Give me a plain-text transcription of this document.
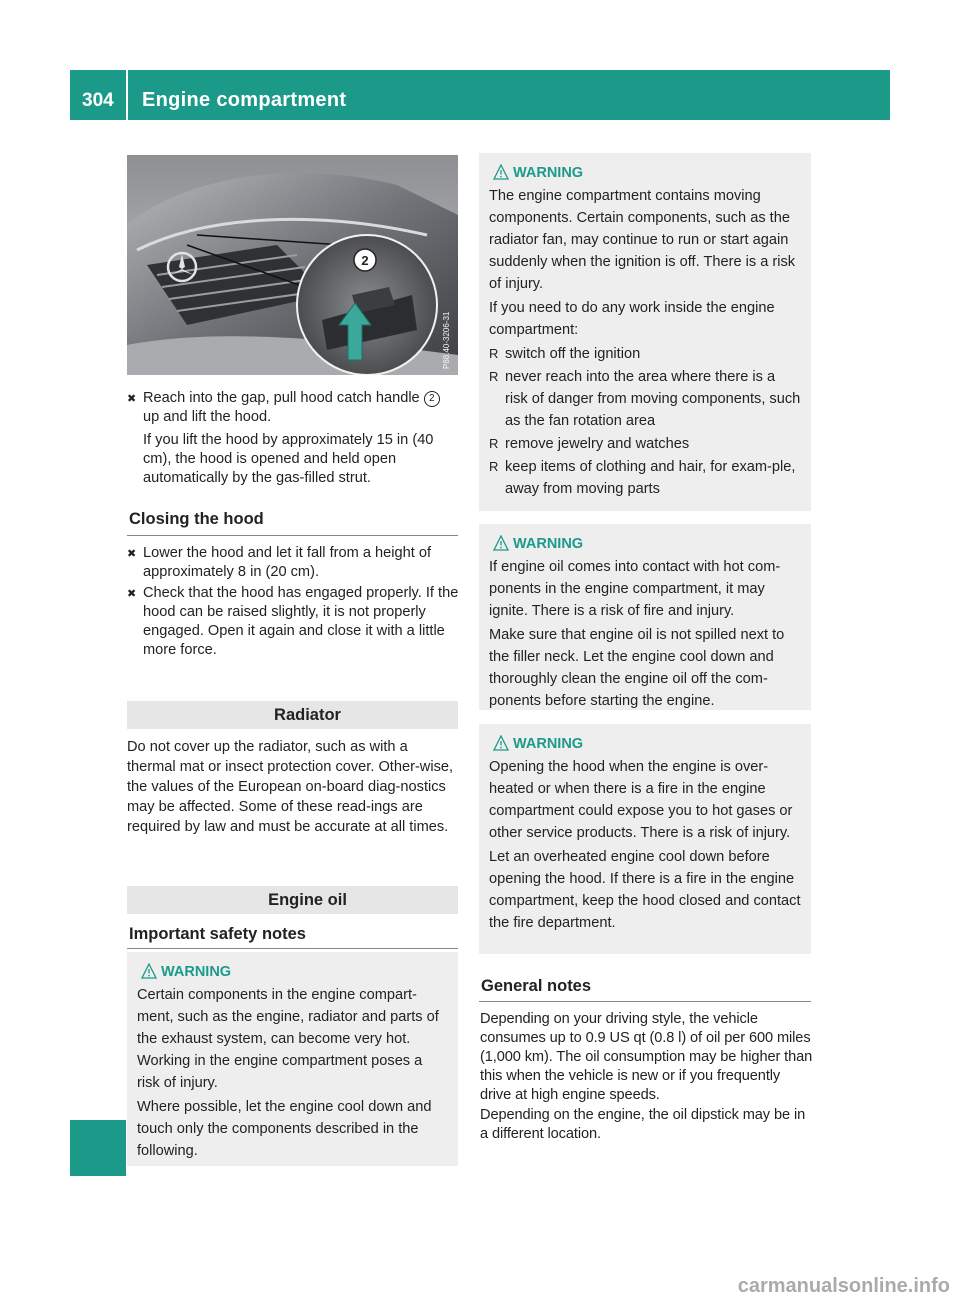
304 Engine compartment
2
P88.40-3206-31
✖ Reach into the gap, pull hood catch handle 2 up and lift the hood.
If you lift the hood by approximately 15 in (40 cm), the hood is opened and held open automatically by the gas-filled strut.
Closing the hood
✖ Lower the hood and let it fall from a height of approximately 8 in (20 cm).
✖ Check that the hood has engaged properly. If the hood can be raised slightly, it is not properly engaged. Open it again and close it with a little more force.
Radiator
Do not cover up the radiator, such as with a thermal mat or insect protection cover. Other-wise, the values of the European on-board diag-nostics may be affected. Some of these read-ings are required by law and must be accurate at all times.
Engine oil
Important safety notes
WARNING

Certain components in the engine compart-ment, such as the engine, radiator and parts of the exhaust system, can become very hot. Working in the engine compartment poses a risk of injury.

Where possible, let the engine cool down and touch only the components described in the following.

WARNING

The engine compartment contains moving components. Certain components, such as the radiator fan, may continue to run or start again suddenly when the ignition is off. There is a risk of injury.

If you need to do any work inside the engine compartment:

R switch off the ignition
R never reach into the area where there is a risk of danger from moving components, such as the fan rotation area
R remove jewelry and watches
R keep items of clothing and hair, for exam-ple, away from moving parts
WARNING

If engine oil comes into contact with hot com-ponents in the engine compartment, it may ignite. There is a risk of fire and injury.

Make sure that engine oil is not spilled next to the filler neck. Let the engine cool down and thoroughly clean the engine oil off the com-ponents before starting the engine.

WARNING

Opening the hood when the engine is over-heated or when there is a fire in the engine compartment could expose you to hot gases or other service products. There is a risk of injury.

Let an overheated engine cool down before opening the hood. If there is a fire in the engine compartment, keep the hood closed and contact the fire department.

General notes
Depending on your driving style, the vehicle consumes up to 0.9 US qt (0.8 l) of oil per 600 miles (1,000 km). The oil consumption may be higher than this when the vehicle is new or if you frequently drive at high engine speeds.
Depending on the engine, the oil dipstick may be in a different location.
carmanualsonline.info
